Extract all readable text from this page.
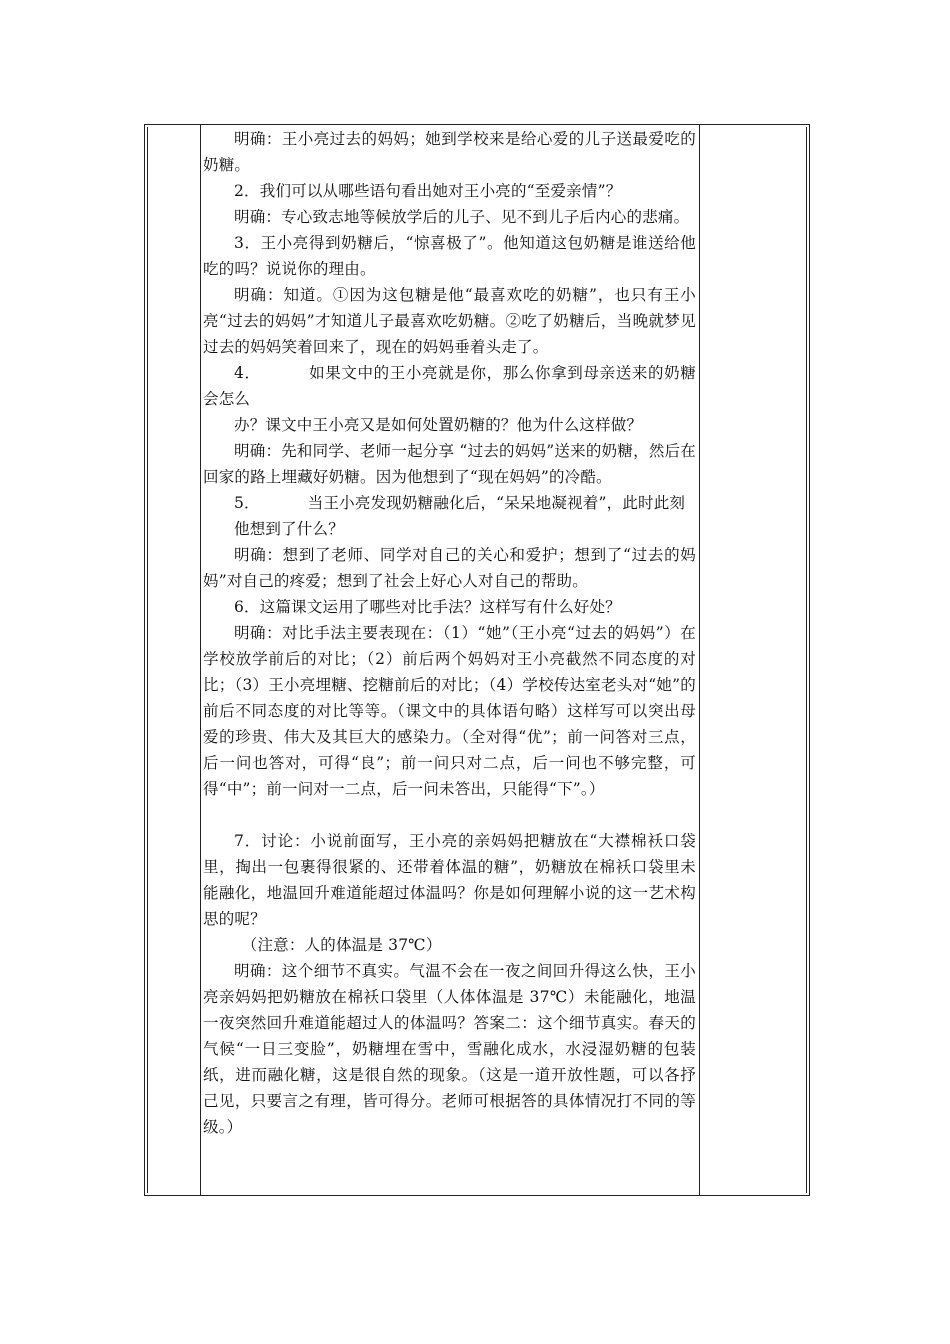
明确：王小亮过去的妈妈；她到学校来是给心爱的儿子送最爱吃的奶糖。

2．我们可以从哪些语句看出她对王小亮的“至爱亲情”？

明确：专心致志地等候放学后的儿子、见不到儿子后内心的悲痛。

3．王小亮得到奶糖后，“惊喜极了”。他知道这包奶糖是谁送给他吃的吗？说说你的理由。

明确：知道。①因为这包糖是他“最喜欢吃的奶糖”，也只有王小亮“过去的妈妈”才知道儿子最喜欢吃奶糖。②吃了奶糖后，当晚就梦见过去的妈妈笑着回来了，现在的妈妈垂着头走了。

4．	如果文中的王小亮就是你，那么你拿到母亲送来的奶糖会怎么

办？课文中王小亮又是如何处置奶糖的？他为什么这样做？

明确：先和同学、老师一起分享 “过去的妈妈”送来的奶糖，然后在回家的路上埋藏好奶糖。因为他想到了“现在妈妈”的冷酷。

5．	当王小亮发现奶糖融化后，“呆呆地凝视着”，此时此刻

他想到了什么？

明确：想到了老师、同学对自己的关心和爱护；想到了“过去的妈妈”对自己的疼爱；想到了社会上好心人对自己的帮助。

6．这篇课文运用了哪些对比手法？这样写有什么好处？

明确：对比手法主要表现在：（1）“她”（王小亮“过去的妈妈”）在学校放学前后的对比；（2）前后两个妈妈对王小亮截然不同态度的对比；（3）王小亮埋糖、挖糖前后的对比；（4）学校传达室老头对“她”的前后不同态度的对比等等。（课文中的具体语句略）这样写可以突出母爱的珍贵、伟大及其巨大的感染力。（全对得“优”；前一问答对三点，后一问也答对，可得“良”；前一问只对二点，后一问也不够完整，可得“中”；前一问对一二点，后一问未答出，只能得“下”。）

7．讨论：小说前面写，王小亮的亲妈妈把糖放在“大襟棉袄口袋里，掏出一包裹得很紧的、还带着体温的糖”，奶糖放在棉袄口袋里未能融化，地温回升难道能超过体温吗？你是如何理解小说的这一艺术构思的呢？

（注意：人的体温是 37℃）

明确：这个细节不真实。气温不会在一夜之间回升得这么快，王小亮亲妈妈把奶糖放在棉袄口袋里（人体体温是 37℃）未能融化，地温一夜突然回升难道能超过人的体温吗？答案二：这个细节真实。春天的气候“一日三变脸”，奶糖埋在雪中，雪融化成水，水浸湿奶糖的包装纸，进而融化糖，这是很自然的现象。（这是一道开放性题，可以各抒己见，只要言之有理，皆可得分。老师可根据答的具体情况打不同的等级。）
